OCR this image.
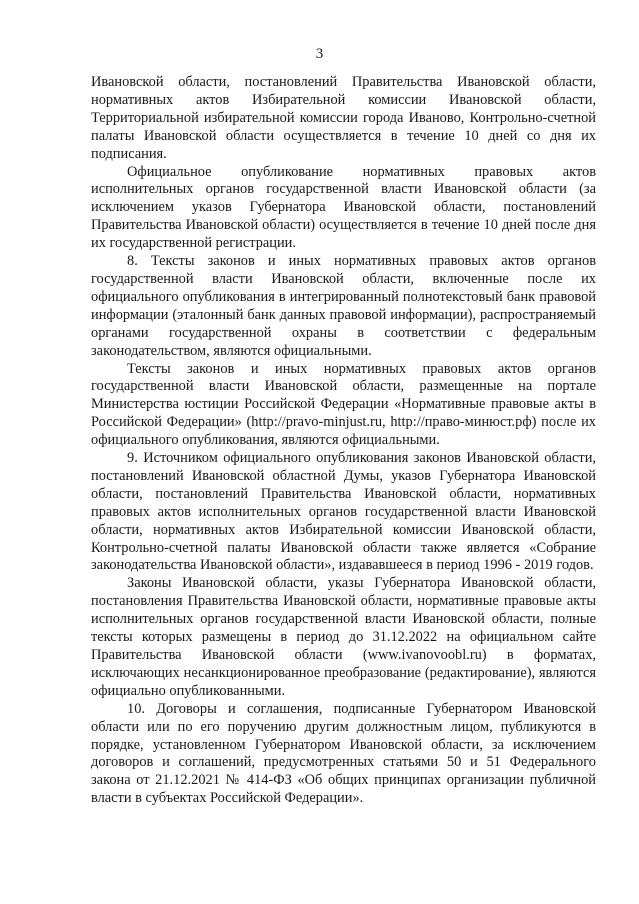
3

Ивановской области, постановлений Правительства Ивановской области, нормативных актов Избирательной комиссии Ивановской области, Территориальной избирательной комиссии города Иваново, Контрольно-счетной палаты Ивановской области осуществляется в течение 10 дней со дня их подписания.

Официальное опубликование нормативных правовых актов исполнительных органов государственной власти Ивановской области (за исключением указов Губернатора Ивановской области, постановлений Правительства Ивановской области) осуществляется в течение 10 дней после дня их государственной регистрации.

8. Тексты законов и иных нормативных правовых актов органов государственной власти Ивановской области, включенные после их официального опубликования в интегрированный полнотекстовый банк правовой информации (эталонный банк данных правовой информации), распространяемый органами государственной охраны в соответствии с федеральным законодательством, являются официальными.

Тексты законов и иных нормативных правовых актов органов государственной власти Ивановской области, размещенные на портале Министерства юстиции Российской Федерации «Нормативные правовые акты в Российской Федерации» (http://pravo-minjust.ru, http://право-минюст.рф) после их официального опубликования, являются официальными.

9. Источником официального опубликования законов Ивановской области, постановлений Ивановской областной Думы, указов Губернатора Ивановской области, постановлений Правительства Ивановской области, нормативных правовых актов исполнительных органов государственной власти Ивановской области, нормативных актов Избирательной комиссии Ивановской области, Контрольно-счетной палаты Ивановской области также является «Собрание законодательства Ивановской области», издававшееся в период 1996 - 2019 годов.

Законы Ивановской области, указы Губернатора Ивановской области, постановления Правительства Ивановской области, нормативные правовые акты исполнительных органов государственной власти Ивановской области, полные тексты которых размещены в период до 31.12.2022 на официальном сайте Правительства Ивановской области (www.ivanovoobl.ru) в форматах, исключающих несанкционированное преобразование (редактирование), являются официально опубликованными.

10. Договоры и соглашения, подписанные Губернатором Ивановской области или по его поручению другим должностным лицом, публикуются в порядке, установленном Губернатором Ивановской области, за исключением договоров и соглашений, предусмотренных статьями 50 и 51 Федерального закона от 21.12.2021 № 414-ФЗ «Об общих принципах организации публичной власти в субъектах Российской Федерации».
